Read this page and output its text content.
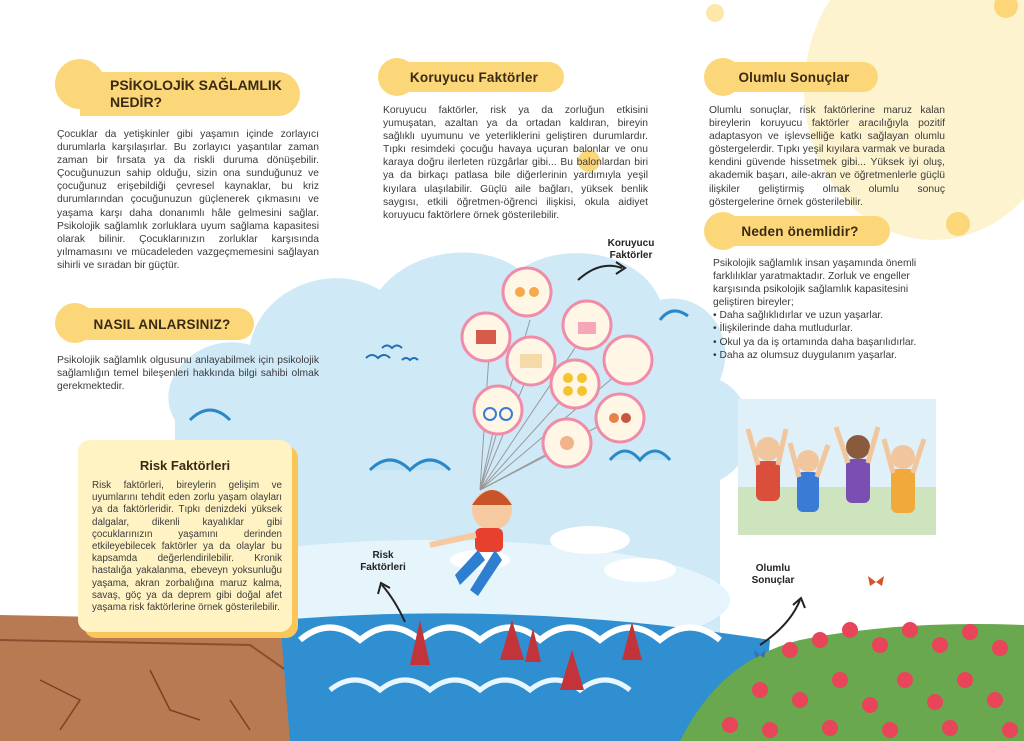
PSİKOLOJİK SAĞLAMLIK
NEDİR?
Çocuklar da yetişkinler gibi yaşamın içinde zorlayıcı durumlarla karşılaşırlar. Bu zorlayıcı yaşantılar zaman zaman bir fırsata ya da riskli duruma dönüşebilir. Çocuğunuzun sahip olduğu, sizin ona sunduğunuz ve çocuğunuz erişebildiği çevresel kaynaklar, bu kriz durumlarından çocuğunuzun güçlenerek çıkmasını ve yaşama karşı daha donanımlı hâle gelmesini sağlar. Psikolojik sağlamlık zorluklara uyum sağlama kapasitesi olarak bilinir. Çocuklarınızın zorluklar karşısında yılmamasını ve mücadeleden vazgeçmemesini sağlayan sihirli ve sıradan bir güçtür.
NASIL ANLARSINIZ?
Psikolojik sağlamlık olgusunu anlayabilmek için psikolojik sağlamlığın temel bileşenleri hakkında bilgi sahibi olmak gerekmektedir.
Risk Faktörleri
Risk faktörleri, bireylerin gelişim ve uyumlarını tehdit eden zorlu yaşam olayları ya da faktörleridir. Tıpkı denizdeki yüksek dalgalar, dikenli kayalıklar gibi çocuklarınızın yaşamını derinden etkileyebilecek faktörler ya da olaylar bu kapsamda değerlendirilebilir. Kronik hastalığa yakalanma, ebeveyn yoksunluğu yaşama, akran zorbalığına maruz kalma, savaş, göç ya da deprem gibi doğal afet yaşama risk faktörlerine örnek gösterilebilir.
Koruyucu Faktörler
Koruyucu faktörler, risk ya da zorluğun etkisini yumuşatan, azaltan ya da ortadan kaldıran, bireyin sağlıklı uyumunu ve yeterliklerini geliştiren durumlardır. Tıpkı resimdeki çocuğu havaya uçuran balonlar ve onu karaya doğru ilerleten rüzgârlar gibi... Bu balonlardan biri ya da birkaçı patlasa bile diğerlerinin yardımıyla yeşil kıyılara ulaşılabilir. Güçlü aile bağları, yüksek benlik saygısı, etkili öğretmen-öğrenci ilişkisi, okula aidiyet koruyucu faktörlere örnek gösterilebilir.
Olumlu Sonuçlar
Olumlu sonuçlar, risk faktörlerine maruz kalan bireylerin koruyucu faktörler aracılığıyla pozitif adaptasyon ve işlevselliğe katkı sağlayan olumlu göstergelerdir. Tıpkı yeşil kıyılara varmak ve burada kendini güvende hissetmek gibi... Yüksek iyi oluş, akademik başarı, aile-akran ve öğretmenlerle güçlü ilişkiler geliştirmiş olmak olumlu sonuç göstergelerine örnek gösterilebilir.
Neden önemlidir?

Psikolojik sağlamlık insan yaşamında önemli farklılıklar yaratmaktadır. Zorluk ve engeller karşısında psikolojik sağlamlık kapasitesini geliştiren bireyler;

• Daha sağlıklıdırlar ve uzun yaşarlar.
• İlişkilerinde daha mutludurlar.
• Okul ya da iş ortamında daha başarılıdırlar.
• Daha az olumsuz duygulanım yaşarlar.
Koruyucu
Faktörler
Risk
Faktörleri	Olumlu
Sonuçlar
